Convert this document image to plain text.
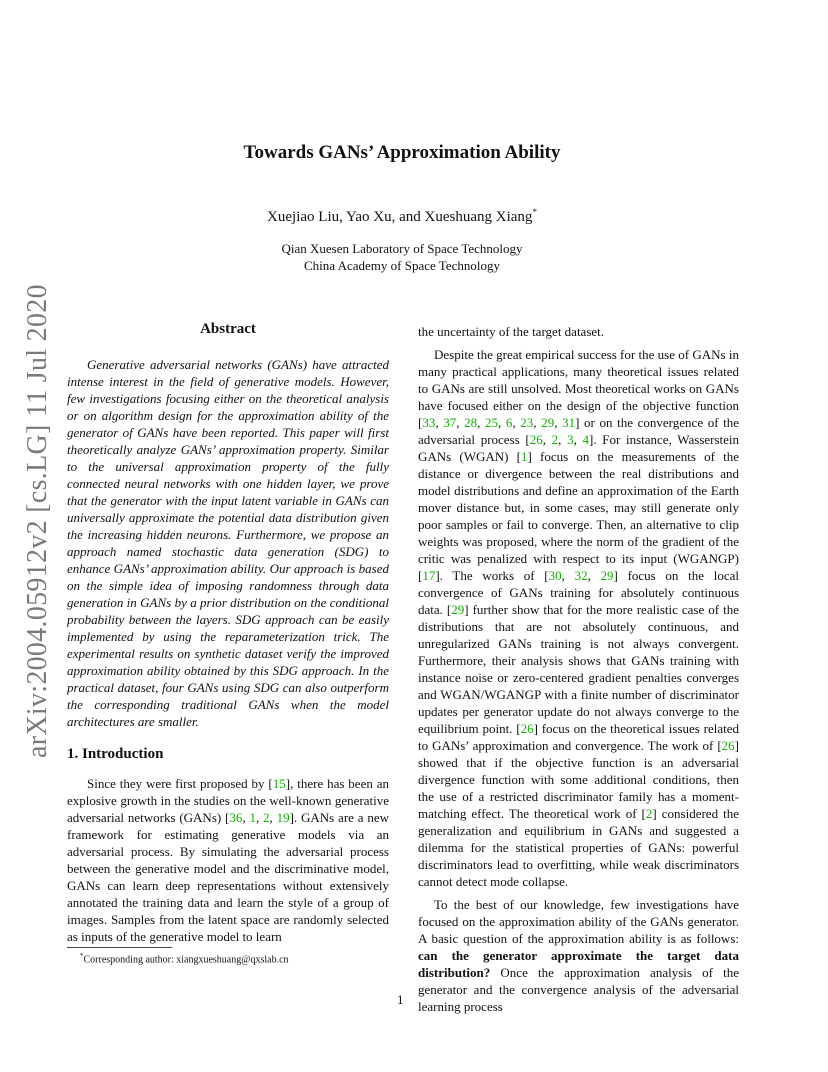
arXiv:2004.05912v2 [cs.LG] 11 Jul 2020
Towards GANs’ Approximation Ability
Xuejiao Liu, Yao Xu, and Xueshuang Xiang*
Qian Xuesen Laboratory of Space Technology
China Academy of Space Technology
Abstract

Generative adversarial networks (GANs) have attracted intense interest in the field of generative models. However, few investigations focusing either on the theoretical analysis or on algorithm design for the approximation ability of the generator of GANs have been reported. This paper will first theoretically analyze GANs’ approximation property. Similar to the universal approximation property of the fully connected neural networks with one hidden layer, we prove that the generator with the input latent variable in GANs can universally approximate the potential data distribution given the increasing hidden neurons. Furthermore, we propose an approach named stochastic data generation (SDG) to enhance GANs’ approximation ability. Our approach is based on the simple idea of imposing randomness through data generation in GANs by a prior distribution on the conditional probability between the layers. SDG approach can be easily implemented by using the reparameterization trick. The experimental results on synthetic dataset verify the improved approximation ability obtained by this SDG approach. In the practical dataset, four GANs using SDG can also outperform the corresponding traditional GANs when the model architectures are smaller.

1. Introduction

Since they were first proposed by [15], there has been an explosive growth in the studies on the well-known generative adversarial networks (GANs) [36, 1, 2, 19]. GANs are a new framework for estimating generative models via an adversarial process. By simulating the adversarial process between the generative model and the discriminative model, GANs can learn deep representations without extensively annotated the training data and learn the style of a group of images. Samples from the latent space are randomly selected as inputs of the generative model to learn

*Corresponding author: xiangxueshuang@qxslab.cn

the uncertainty of the target dataset.

Despite the great empirical success for the use of GANs in many practical applications, many theoretical issues related to GANs are still unsolved. Most theoretical works on GANs have focused either on the design of the objective function [33, 37, 28, 25, 6, 23, 29, 31] or on the convergence of the adversarial process [26, 2, 3, 4]. For instance, Wasserstein GANs (WGAN) [1] focus on the measurements of the distance or divergence between the real distributions and model distributions and define an approximation of the Earth mover distance but, in some cases, may still generate only poor samples or fail to converge. Then, an alternative to clip weights was proposed, where the norm of the gradient of the critic was penalized with respect to its input (WGANGP) [17]. The works of [30, 32, 29] focus on the local convergence of GANs training for absolutely continuous data. [29] further show that for the more realistic case of the distributions that are not absolutely continuous, and unregularized GANs training is not always convergent. Furthermore, their analysis shows that GANs training with instance noise or zero-centered gradient penalties converges and WGAN/WGANGP with a finite number of discriminator updates per generator update do not always converge to the equilibrium point. [26] focus on the theoretical issues related to GANs’ approximation and convergence. The work of [26] showed that if the objective function is an adversarial divergence function with some additional conditions, then the use of a restricted discriminator family has a moment-matching effect. The theoretical work of [2] considered the generalization and equilibrium in GANs and suggested a dilemma for the statistical properties of GANs: powerful discriminators lead to overfitting, while weak discriminators cannot detect mode collapse.

To the best of our knowledge, few investigations have focused on the approximation ability of the GANs generator. A basic question of the approximation ability is as follows: can the generator approximate the target data distribution? Once the approximation analysis of the generator and the convergence analysis of the adversarial learning process

1
